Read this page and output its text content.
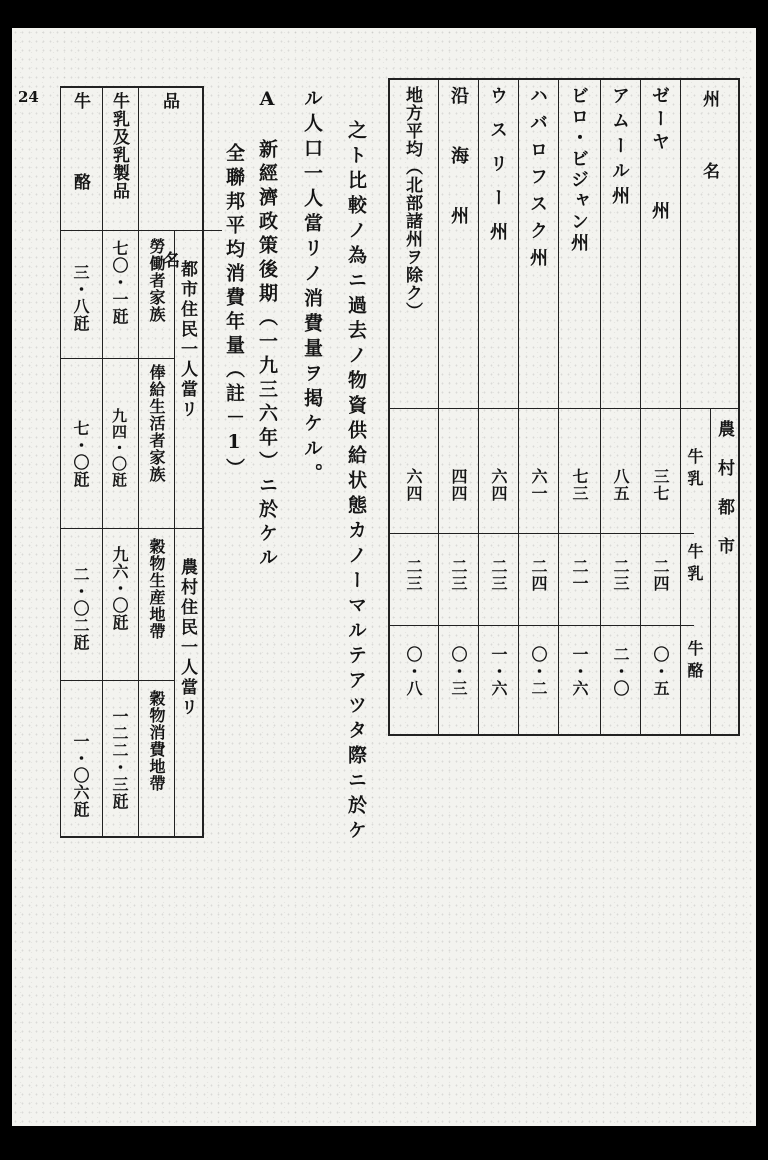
24	州　　　名
農村都市
牛乳
牛乳
牛酪
ゼーヤ　　州
三七
二四
〇・五
アムール州
八五
二三
二・〇
ビロ・ビジャン州
七三
二一
一・六
ハバロフスク州
六一
二四
〇・二
ウスリー州
六四
二三
一・六
沿　海　州
四四
二三
〇・三
地方平均（北部諸州ヲ除ク）
六四
二三
〇・八
之ト比較ノ為ニ過去ノ物資供給状態カノーマルテアツタ際ニ於ケ
ル人口一人當リノ消費量ヲ掲ケル。
A　新經濟政策後期（一九三六年）ニ於ケル
全聯邦平均消費年量（註－1）
品　　名
都市住民一人當リ
勞働者家族
俸給生活者家族
農村住民一人當リ
穀物生産地帶
穀物消費地帶
牛乳及乳製品
七〇・一瓩
九四・〇瓩
九六・〇瓩
一二二・三瓩
牛　　酪
三・八瓩
七・〇瓩
二・〇二瓩
一・〇六瓩
